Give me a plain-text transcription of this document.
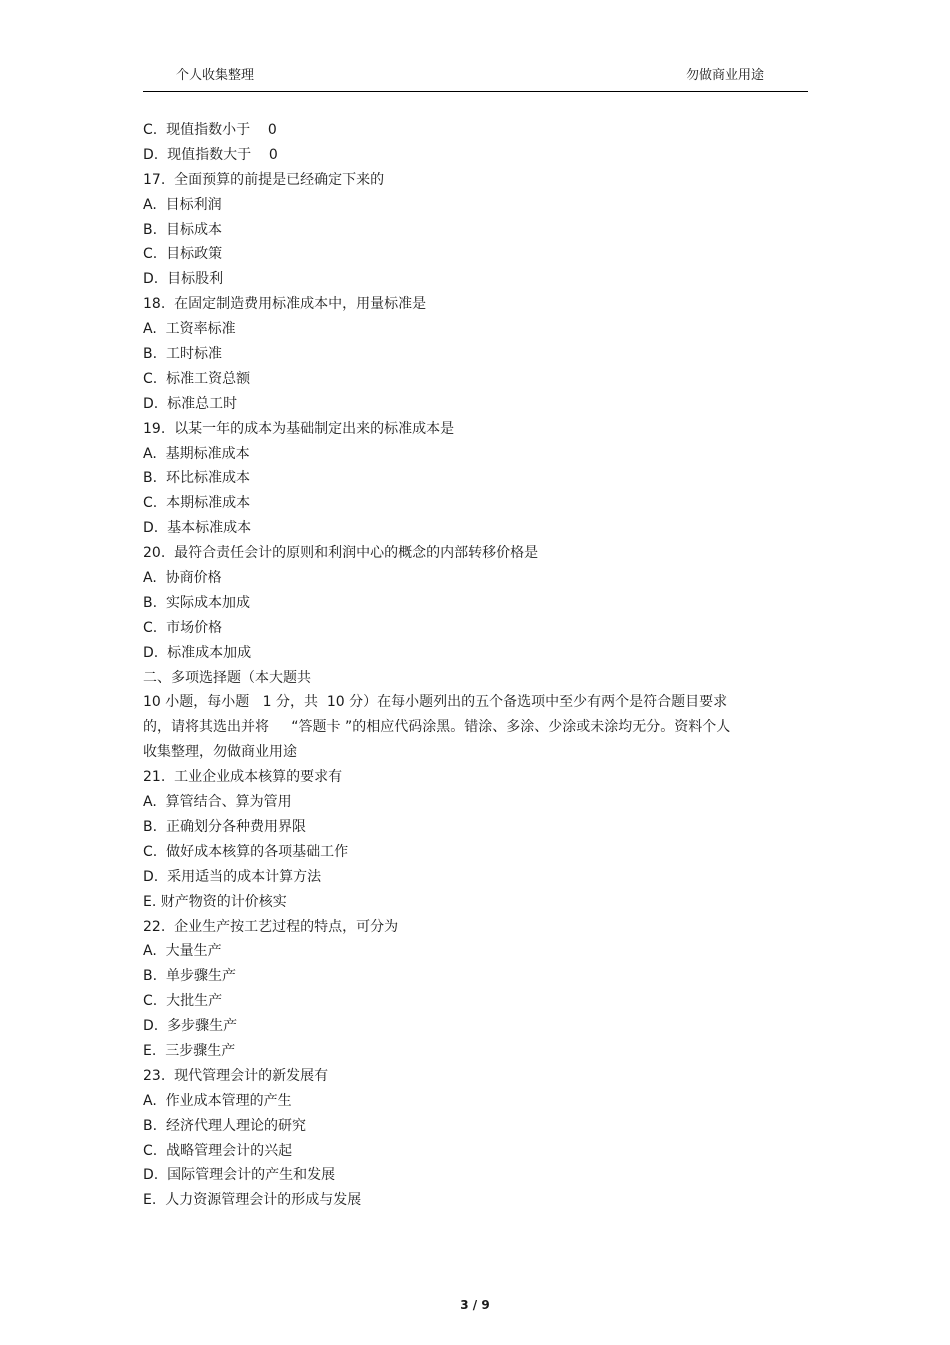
个人收集整理	勿做商业用途
C.  现值指数小于    0
D.  现值指数大于    0
17.  全面预算的前提是已经确定下来的
A.  目标利润
B.  目标成本
C.  目标政策
D.  目标股利
18.  在固定制造费用标准成本中，用量标准是
A.  工资率标准
B.  工时标准
C.  标准工资总额
D.  标准总工时
19.  以某一年的成本为基础制定出来的标准成本是
A.  基期标准成本
B.  环比标准成本
C.  本期标准成本
D.  基本标准成本
20.  最符合责任会计的原则和利润中心的概念的内部转移价格是
A.  协商价格
B.  实际成本加成
C.  市场价格
D.  标准成本加成
二、多项选择题（本大题共
10 小题，每小题   1 分，共  10 分）在每小题列出的五个备选项中至少有两个是符合题目要求
的，请将其选出并将     “答题卡 ”的相应代码涂黑。错涂、多涂、少涂或未涂均无分。资料个人
收集整理，勿做商业用途
21.  工业企业成本核算的要求有
A.  算管结合、算为管用
B.  正确划分各种费用界限
C.  做好成本核算的各项基础工作
D.  采用适当的成本计算方法
E. 财产物资的计价核实
22.  企业生产按工艺过程的特点，可分为
A.  大量生产
B.  单步骤生产
C.  大批生产
D.  多步骤生产
E.  三步骤生产
23.  现代管理会计的新发展有
A.  作业成本管理的产生
B.  经济代理人理论的研究
C.  战略管理会计的兴起
D.  国际管理会计的产生和发展
E.  人力资源管理会计的形成与发展
3 / 9
